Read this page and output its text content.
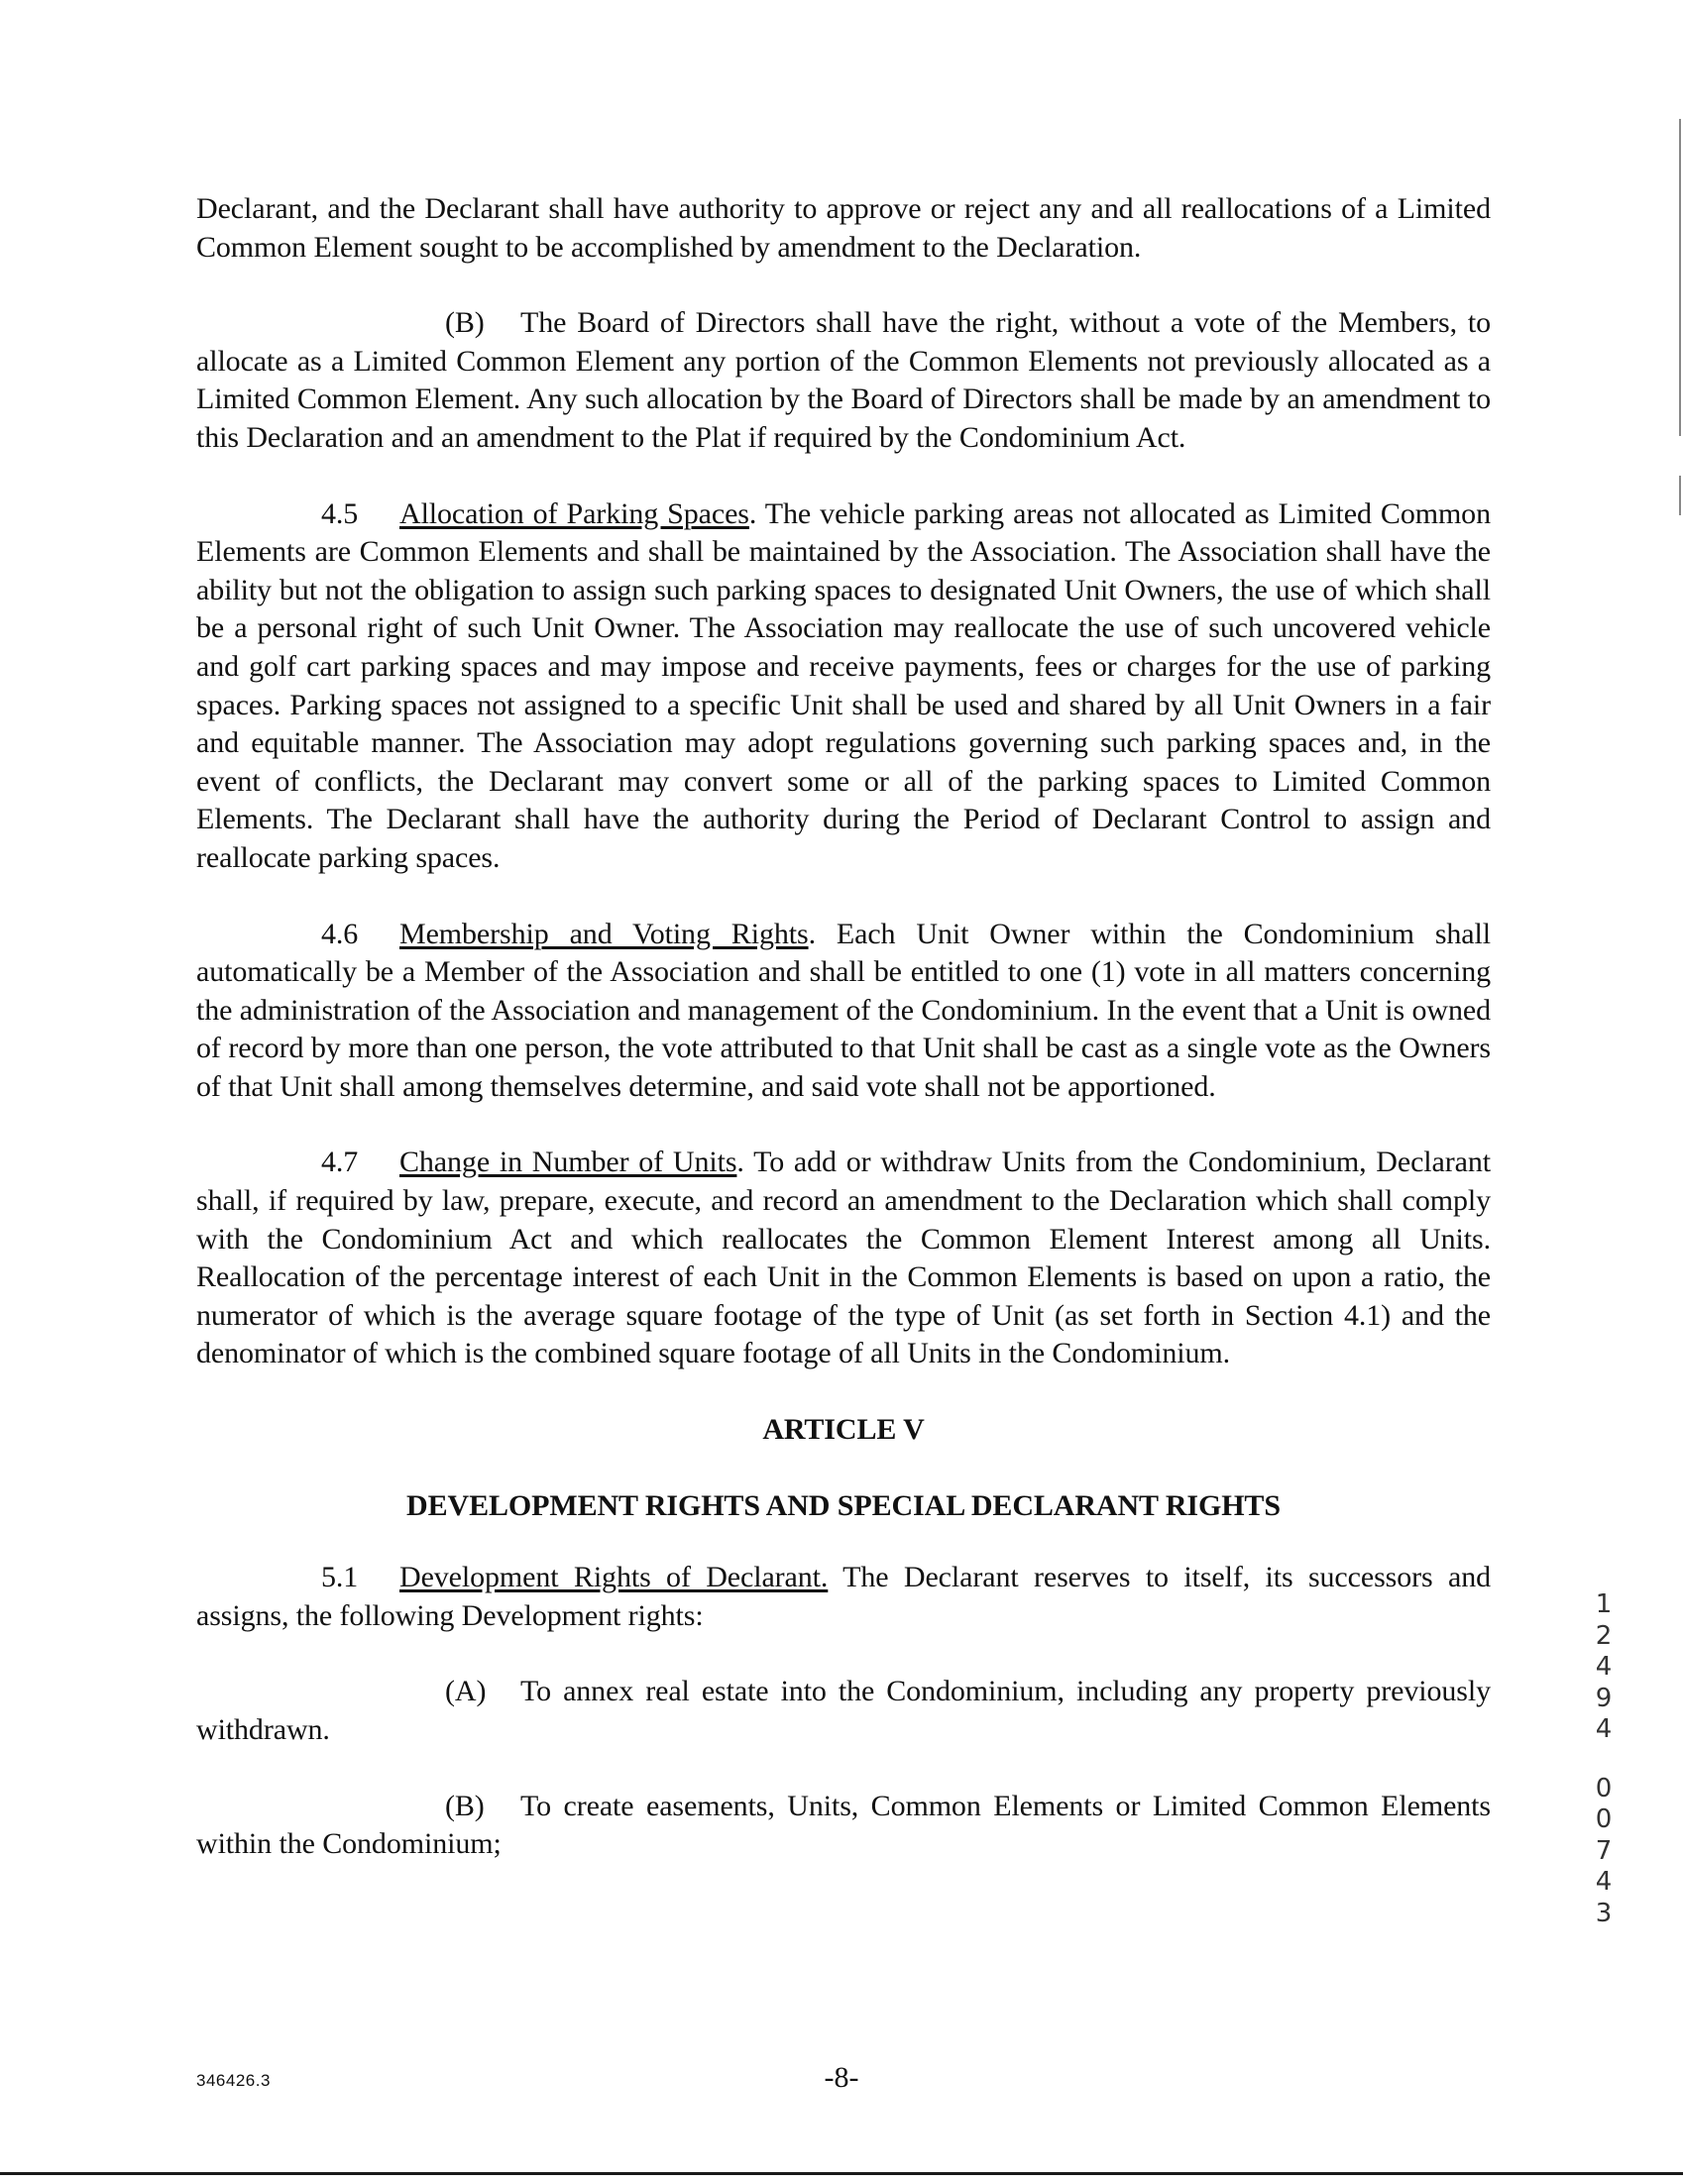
Declarant, and the Declarant shall have authority to approve or reject any and all reallocations of a Limited Common Element sought to be accomplished by amendment to the Declaration.

(B) The Board of Directors shall have the right, without a vote of the Members, to allocate as a Limited Common Element any portion of the Common Elements not previously allocated as a Limited Common Element. Any such allocation by the Board of Directors shall be made by an amendment to this Declaration and an amendment to the Plat if required by the Condominium Act.

4.5 Allocation of Parking Spaces. The vehicle parking areas not allocated as Limited Common Elements are Common Elements and shall be maintained by the Association. The Association shall have the ability but not the obligation to assign such parking spaces to designated Unit Owners, the use of which shall be a personal right of such Unit Owner. The Association may reallocate the use of such uncovered vehicle and golf cart parking spaces and may impose and receive payments, fees or charges for the use of parking spaces. Parking spaces not assigned to a specific Unit shall be used and shared by all Unit Owners in a fair and equitable manner. The Association may adopt regulations governing such parking spaces and, in the event of conflicts, the Declarant may convert some or all of the parking spaces to Limited Common Elements. The Declarant shall have the authority during the Period of Declarant Control to assign and reallocate parking spaces.

4.6 Membership and Voting Rights. Each Unit Owner within the Condominium shall automatically be a Member of the Association and shall be entitled to one (1) vote in all matters concerning the administration of the Association and management of the Condominium. In the event that a Unit is owned of record by more than one person, the vote attributed to that Unit shall be cast as a single vote as the Owners of that Unit shall among themselves determine, and said vote shall not be apportioned.

4.7 Change in Number of Units. To add or withdraw Units from the Condominium, Declarant shall, if required by law, prepare, execute, and record an amendment to the Declaration which shall comply with the Condominium Act and which reallocates the Common Element Interest among all Units. Reallocation of the percentage interest of each Unit in the Common Elements is based on upon a ratio, the numerator of which is the average square footage of the type of Unit (as set forth in Section 4.1) and the denominator of which is the combined square footage of all Units in the Condominium.

ARTICLE V
DEVELOPMENT RIGHTS AND SPECIAL DECLARANT RIGHTS

5.1 Development Rights of Declarant. The Declarant reserves to itself, its successors and assigns, the following Development rights:

(A) To annex real estate into the Condominium, including any property previously withdrawn.

(B) To create easements, Units, Common Elements or Limited Common Elements within the Condominium;

1
2
4
9
4
0
0
7
4
3
346426.3	-8-
